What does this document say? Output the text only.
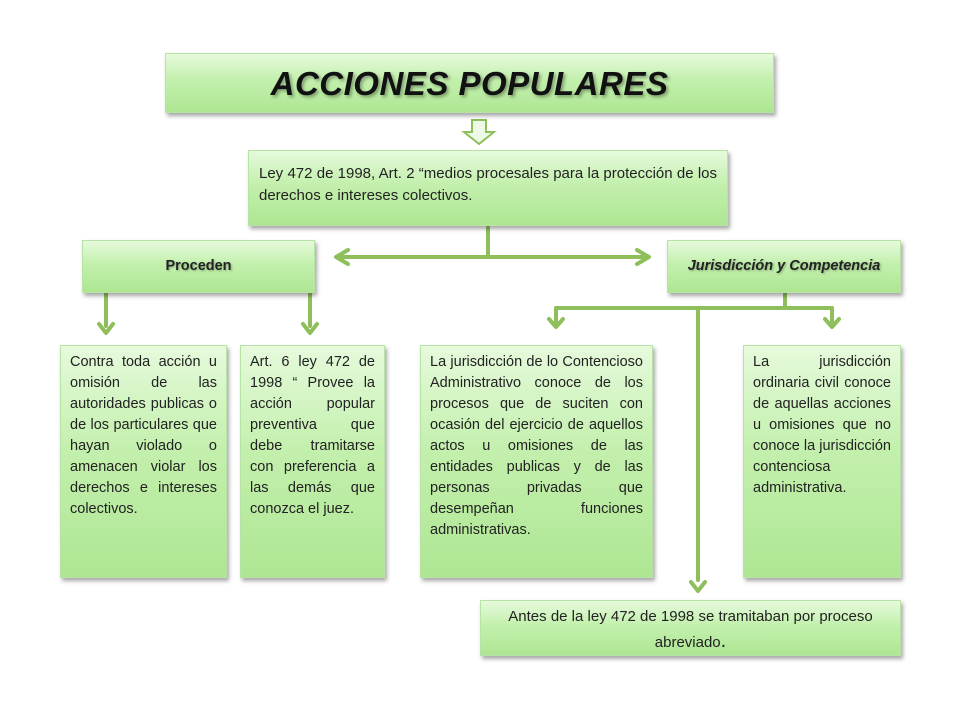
ACCIONES POPULARES
Ley 472 de 1998, Art. 2 “medios procesales para la protección de los derechos e intereses colectivos.
Proceden	Jurisdicción y Competencia
Contra toda acción u omisión de las autoridades publicas o de los particulares que hayan violado o amenacen violar los derechos e intereses colectivos.
Art. 6 ley 472 de 1998 “ Provee la acción popular preventiva que debe tramitarse con preferencia a las demás que conozca el juez.
La jurisdicción de lo Contencioso Administrativo conoce de los procesos que de suciten con ocasión del ejercicio de aquellos actos u omisiones de las entidades publicas y de las personas privadas que desempeñan funciones administrativas.
La jurisdicción ordinaria civil conoce de aquellas acciones u omisiones que no conoce la jurisdicción contenciosa administrativa.
Antes de la ley 472 de 1998 se tramitaban por proceso abreviado.
